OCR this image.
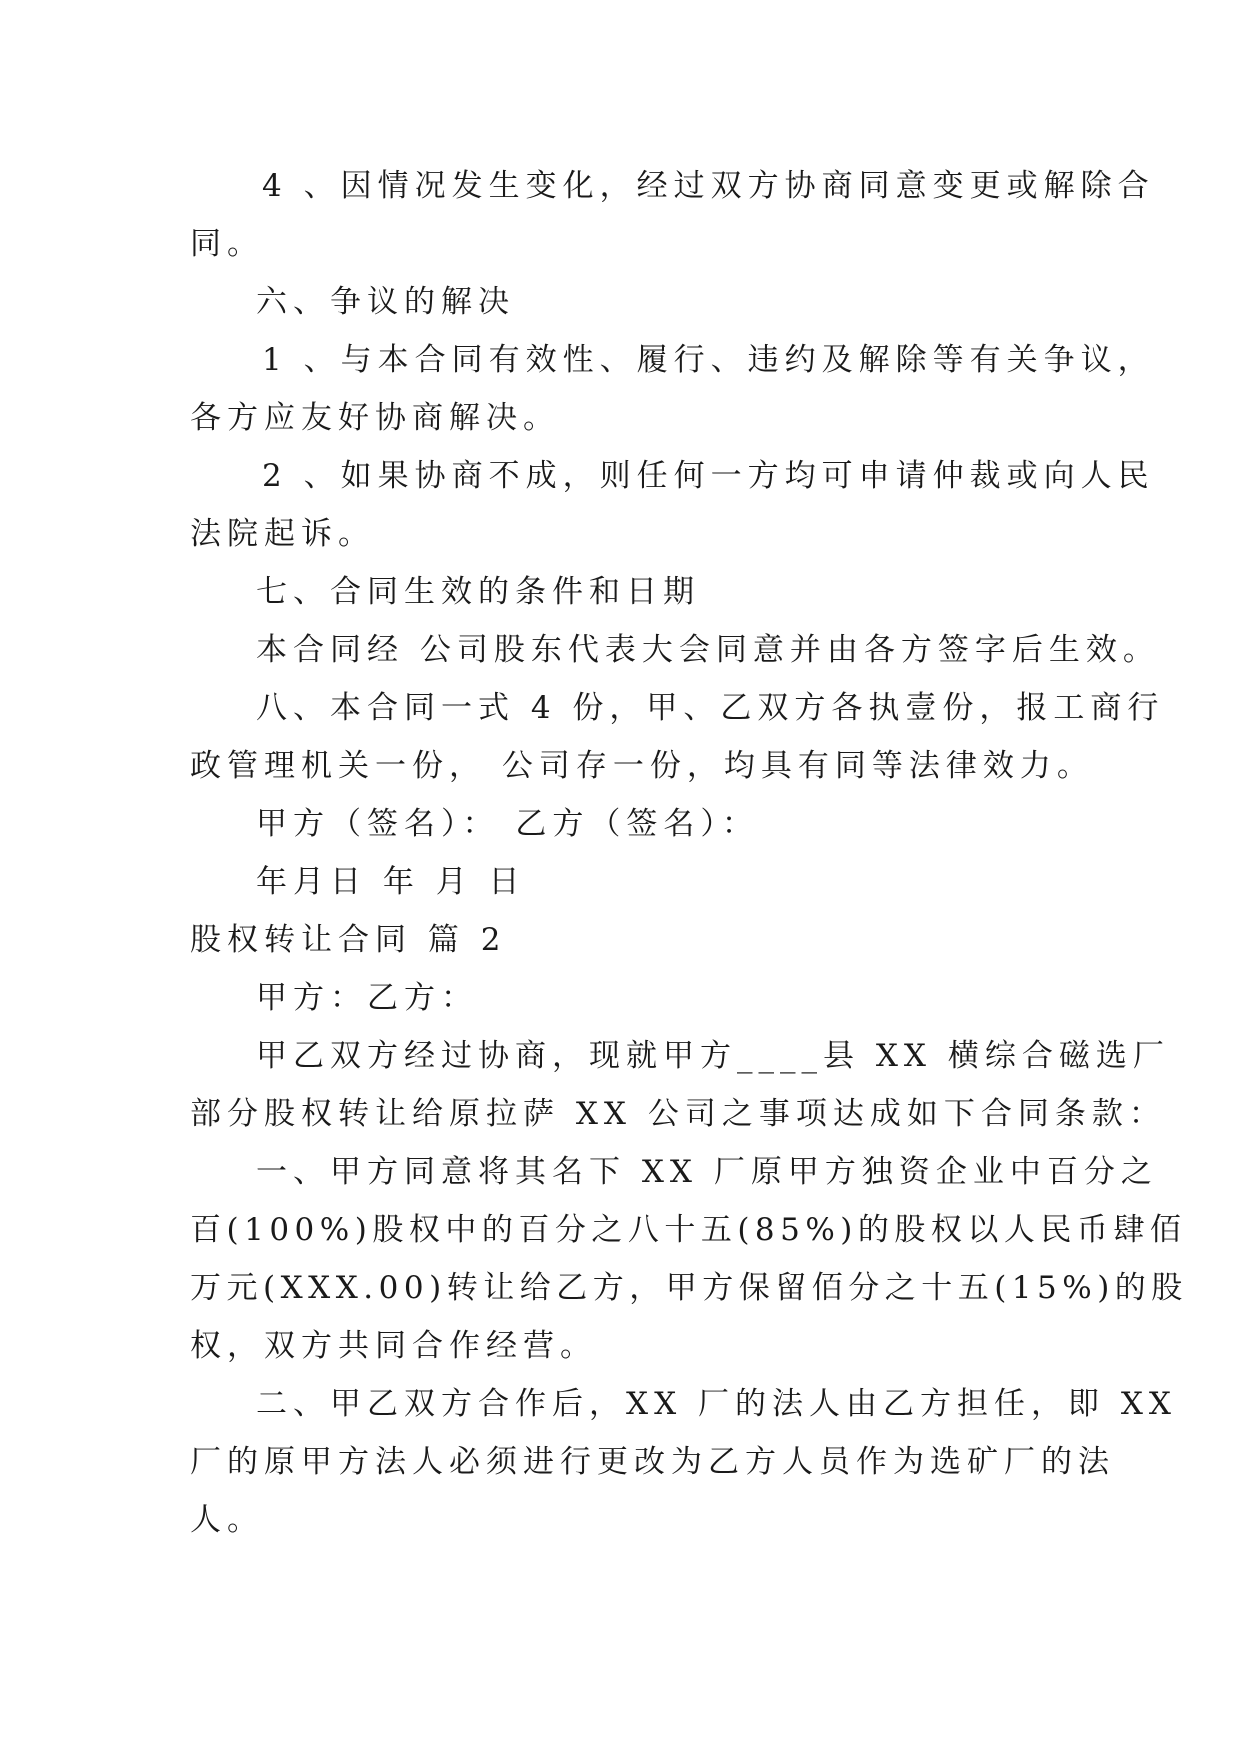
4 、因情况发生变化，经过双方协商同意变更或解除合
同。
六、争议的解决
1 、与本合同有效性、履行、违约及解除等有关争议，
各方应友好协商解决。
2 、如果协商不成，则任何一方均可申请仲裁或向人民
法院起诉。
七、合同生效的条件和日期
本合同经 公司股东代表大会同意并由各方签字后生效。
八、本合同一式 4 份，甲、乙双方各执壹份，报工商行
政管理机关一份， 公司存一份，均具有同等法律效力。
甲方（签名）： 乙方（签名）：
年月日 年 月 日
股权转让合同 篇 2
甲方：乙方：
甲乙双方经过协商，现就甲方____县 XX 横综合磁选厂
部分股权转让给原拉萨 XX 公司之事项达成如下合同条款：
一、甲方同意将其名下 XX 厂原甲方独资企业中百分之
百(100%)股权中的百分之八十五(85%)的股权以人民币肆佰
万元(XXX.00)转让给乙方，甲方保留佰分之十五(15%)的股
权，双方共同合作经营。
二、甲乙双方合作后，XX 厂的法人由乙方担任，即 XX
厂的原甲方法人必须进行更改为乙方人员作为选矿厂的法
人。
